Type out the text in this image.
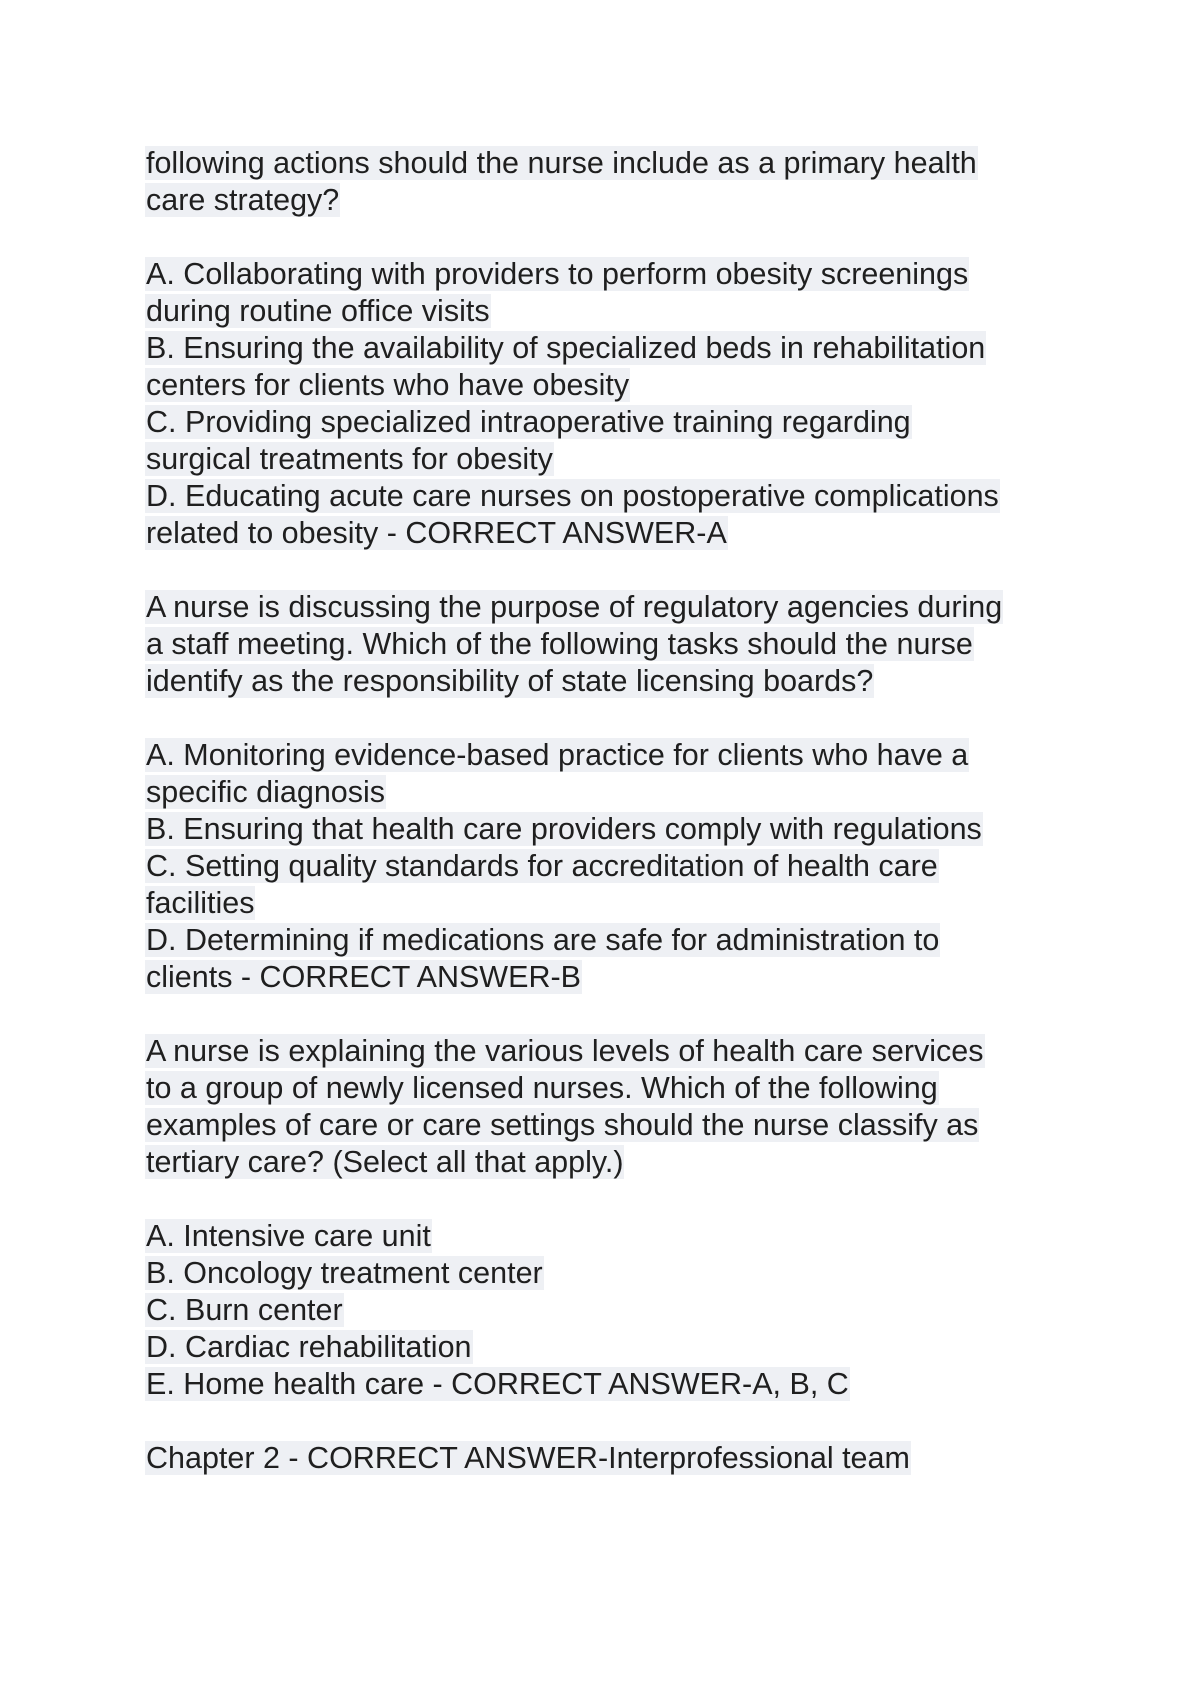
following actions should the nurse include as a primary health
care strategy?
A. Collaborating with providers to perform obesity screenings
during routine office visits
B. Ensuring the availability of specialized beds in rehabilitation
centers for clients who have obesity
C. Providing specialized intraoperative training regarding
surgical treatments for obesity
D. Educating acute care nurses on postoperative complications
related to obesity - CORRECT ANSWER-A
A nurse is discussing the purpose of regulatory agencies during
a staff meeting. Which of the following tasks should the nurse
identify as the responsibility of state licensing boards?
A. Monitoring evidence-based practice for clients who have a
specific diagnosis
B. Ensuring that health care providers comply with regulations
C. Setting quality standards for accreditation of health care
facilities
D. Determining if medications are safe for administration to
clients - CORRECT ANSWER-B
A nurse is explaining the various levels of health care services
to a group of newly licensed nurses. Which of the following
examples of care or care settings should the nurse classify as
tertiary care? (Select all that apply.)
A. Intensive care unit
B. Oncology treatment center
C. Burn center
D. Cardiac rehabilitation
E. Home health care - CORRECT ANSWER-A, B, C
Chapter 2 - CORRECT ANSWER-Interprofessional team
